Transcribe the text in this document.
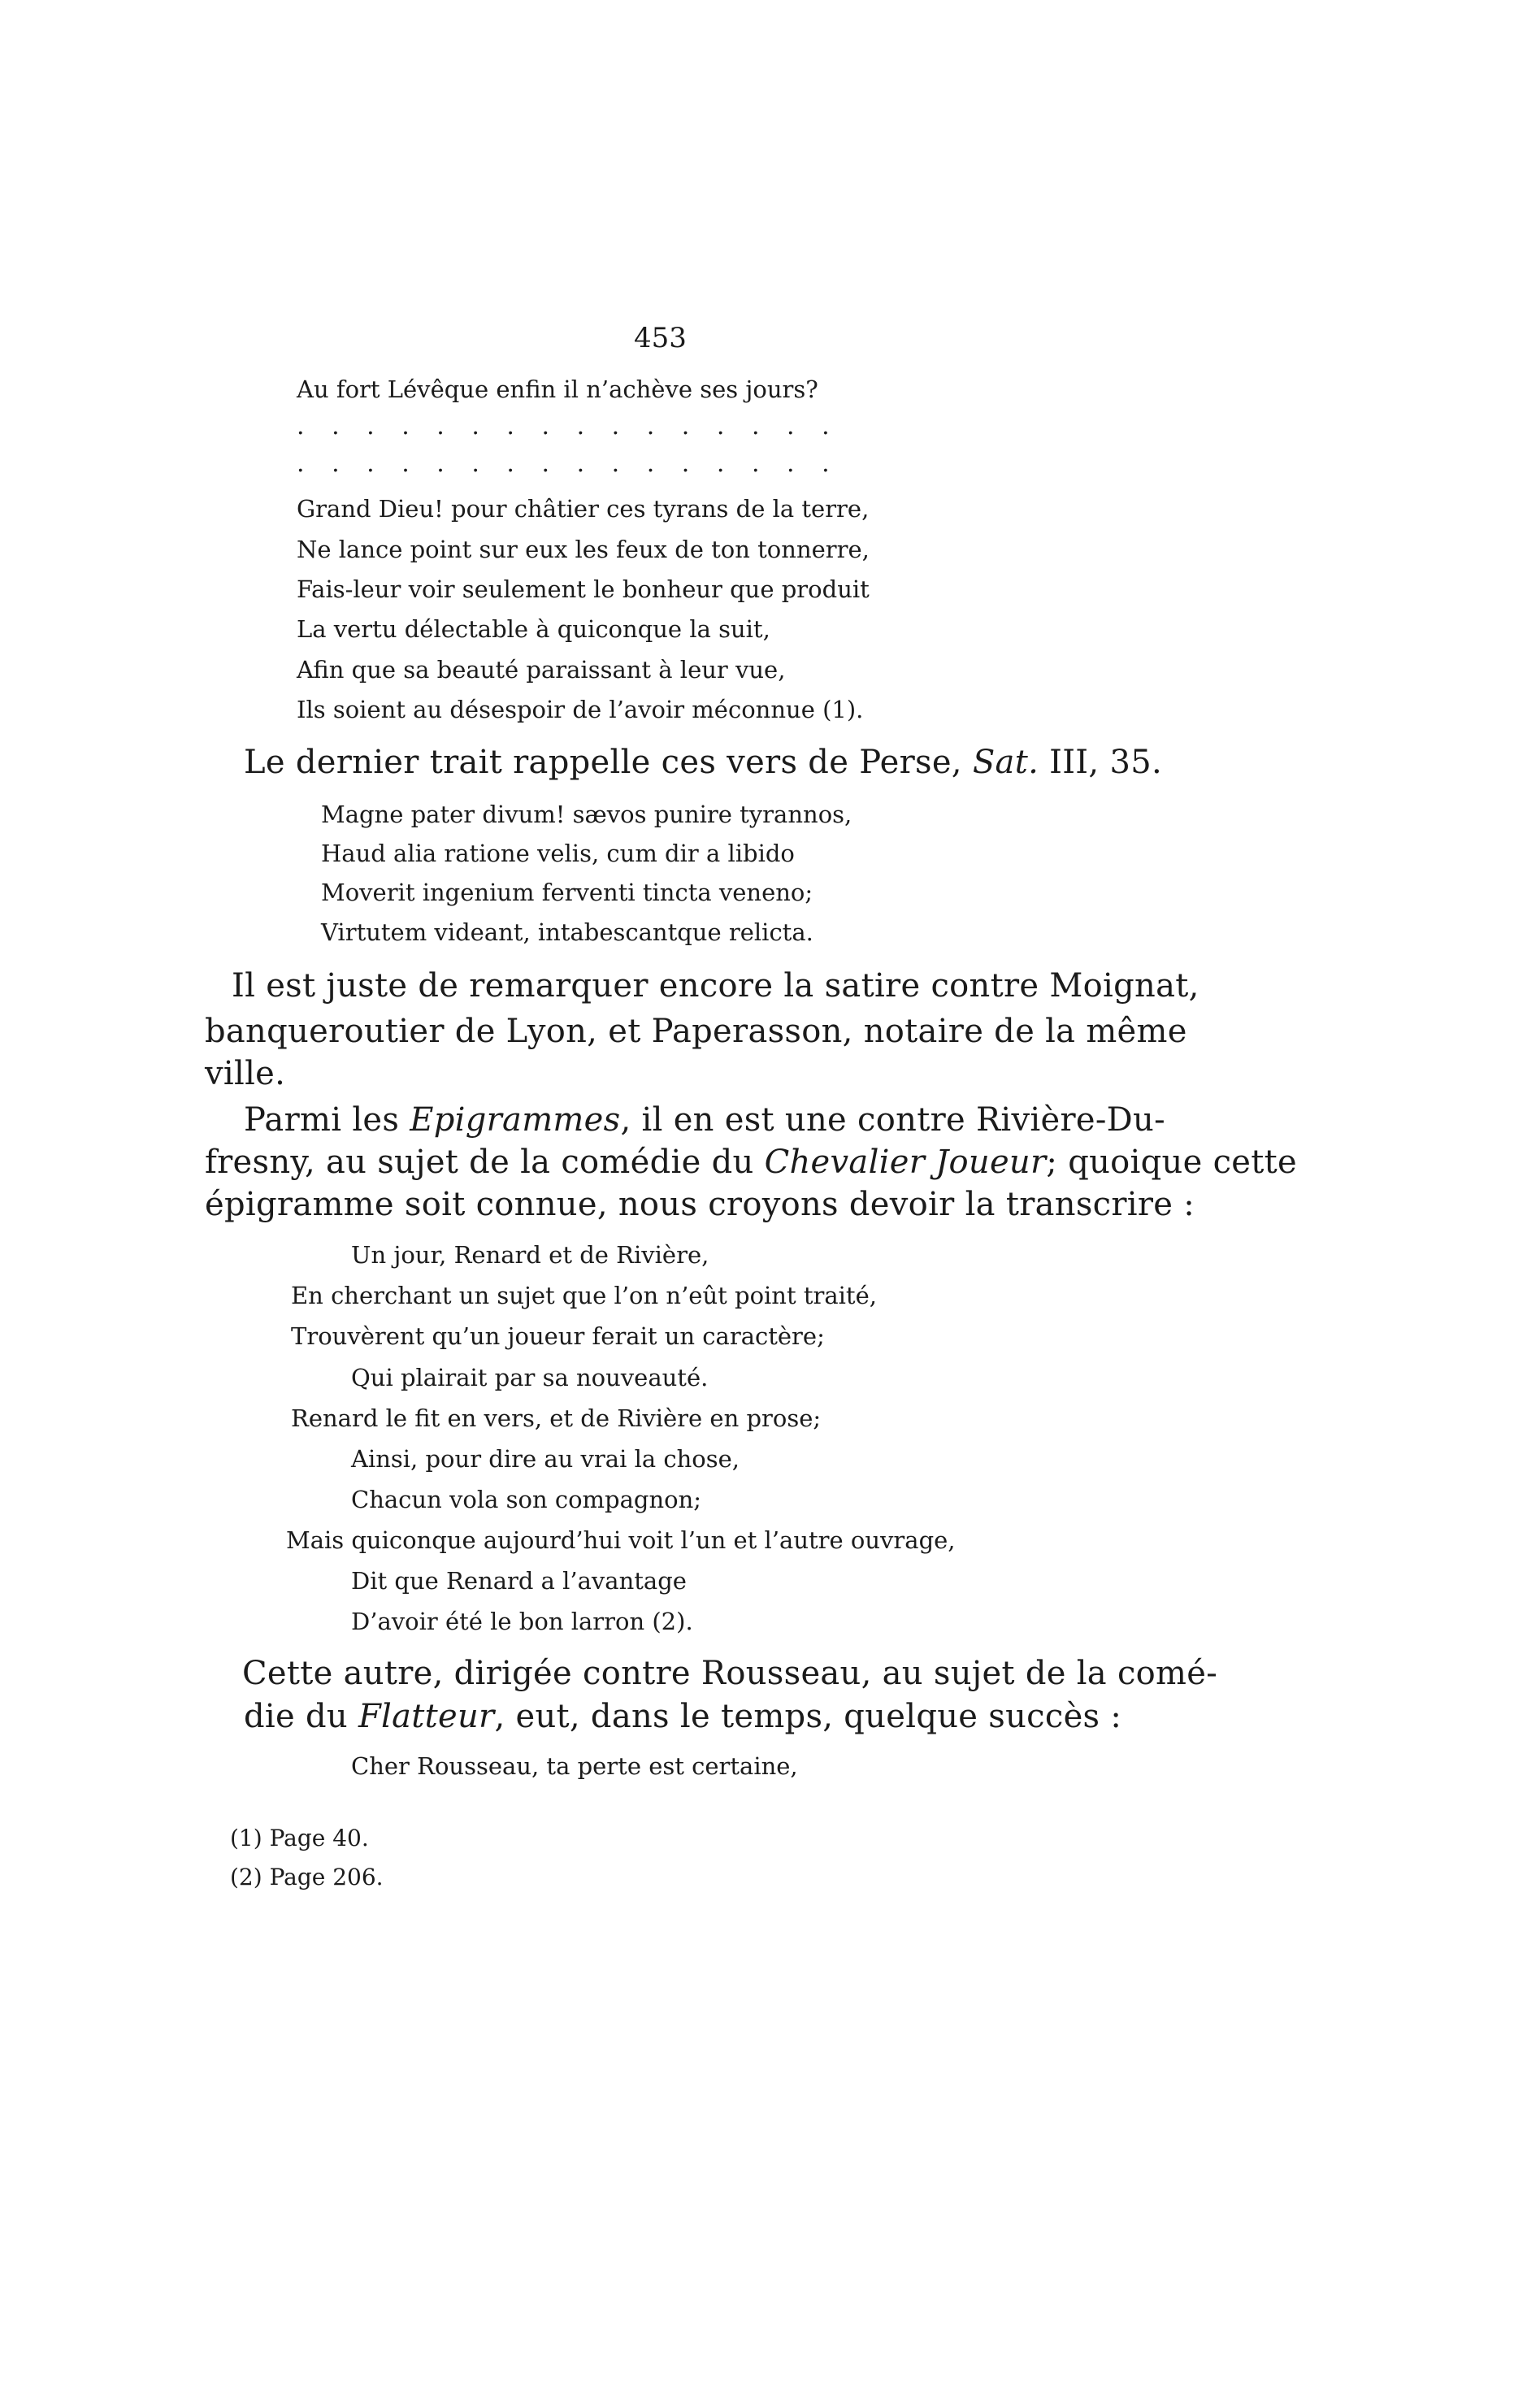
453
Au fort Lévêque enfin il n’achève ses jours?
. . . . . . . . . . . . . . . .
. . . . . . . . . . . . . . . .
Grand Dieu! pour châtier ces tyrans de la terre,
Ne lance point sur eux les feux de ton tonnerre,
Fais-leur voir seulement le bonheur que produit
La vertu délectable à quiconque la suit,
Afin que sa beauté paraissant à leur vue,
Ils soient au désespoir de l’avoir méconnue (1).
Le dernier trait rappelle ces vers de Perse, Sat. III, 35.
Magne pater divum! sævos punire tyrannos,
Haud alia ratione velis, cum dir a libido
Moverit ingenium ferventi tincta veneno;
Virtutem videant, intabescantque relicta.
Il est juste de remarquer encore la satire contre Moignat,
banqueroutier de Lyon, et Paperasson, notaire de la même
ville.
Parmi les Epigrammes, il en est une contre Rivière-Du-
fresny, au sujet de la comédie du Chevalier Joueur; quoique cette
épigramme soit connue, nous croyons devoir la transcrire :
Un jour, Renard et de Rivière,
En cherchant un sujet que l’on n’eût point traité,
Trouvèrent qu’un joueur ferait un caractère;
Qui plairait par sa nouveauté.
Renard le fit en vers, et de Rivière en prose;
Ainsi, pour dire au vrai la chose,
Chacun vola son compagnon;
Mais quiconque aujourd’hui voit l’un et l’autre ouvrage,
Dit que Renard a l’avantage
D’avoir été le bon larron (2).
Cette autre, dirigée contre Rousseau, au sujet de la comé-
die du Flatteur, eut, dans le temps, quelque succès :
Cher Rousseau, ta perte est certaine,
(1) Page 40.
(2) Page 206.
